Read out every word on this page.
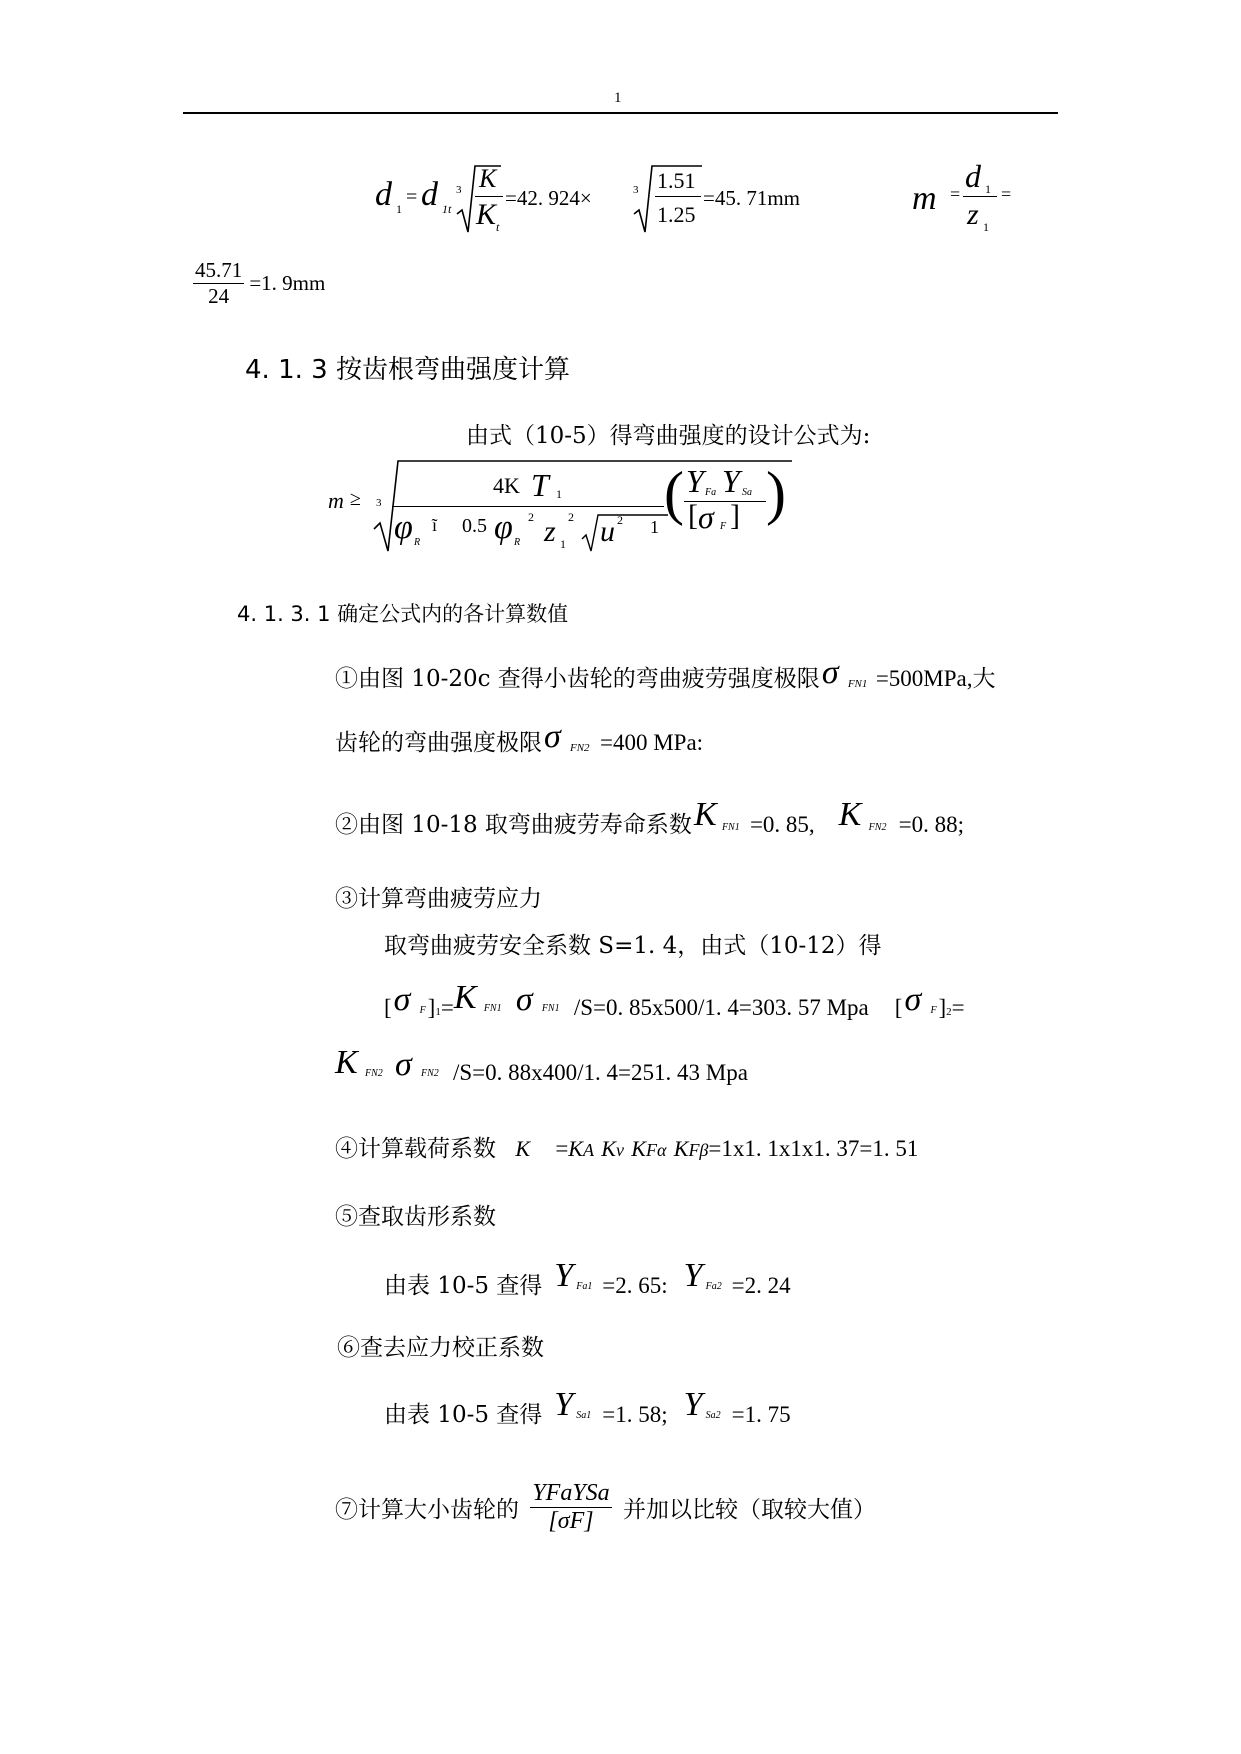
1
d 1
= d 1t
3 K
K t
=42. 924×	3 1.51
1.25
=45. 71mm	m = d 1
z 1
=
$\frac{45.71}{24} =1$. 9mm
4. 1. 3 按齿根弯曲强度计算
由式（10-5）得弯曲强度的设计公式为:
m ≥ 3
4K T 1
φ R
ĩ 0.5 φ R
2 z 1
2 u 2 1
( Y Fa Y Sa
[ σ F ] )
4. 1. 3. 1 确定公式内的各计算数值
①由图 10-20c 查得小齿轮的弯曲疲劳强度极限 σ FN1 =500MPa,大
齿轮的弯曲强度极限 σ FN2 =400 MPa:
②由图 10-18 取弯曲疲劳寿命系数 K FN1 =0. 85, K FN2 =0. 88;
③计算弯曲疲劳应力
取弯曲疲劳安全系数 S=1. 4，由式（10-12）得
[ σ F ]1= K FN1 σ FN1 /S=0. 85x500/1. 4=303. 57 Mpa [ σ F ]2=
K FN2 σ FN2 /S=0. 88x400/1. 4=251. 43 Mpa
④计算载荷系数 K =KA Kv KFα KFβ=1x1. 1x1x1. 37=1. 51
⑤查取齿形系数
由表 10-5 查得 Y Fa1 =2. 65: Y Fa2 =2. 24
⑥查去应力校正系数
由表 10-5 查得 Y Sa1 =1. 58; Y Sa2 =1. 75
⑦计算大小齿轮的 $\frac{\text{YFaYSa}}{[\sigma F]}$ 并加以比较（取较大值）
